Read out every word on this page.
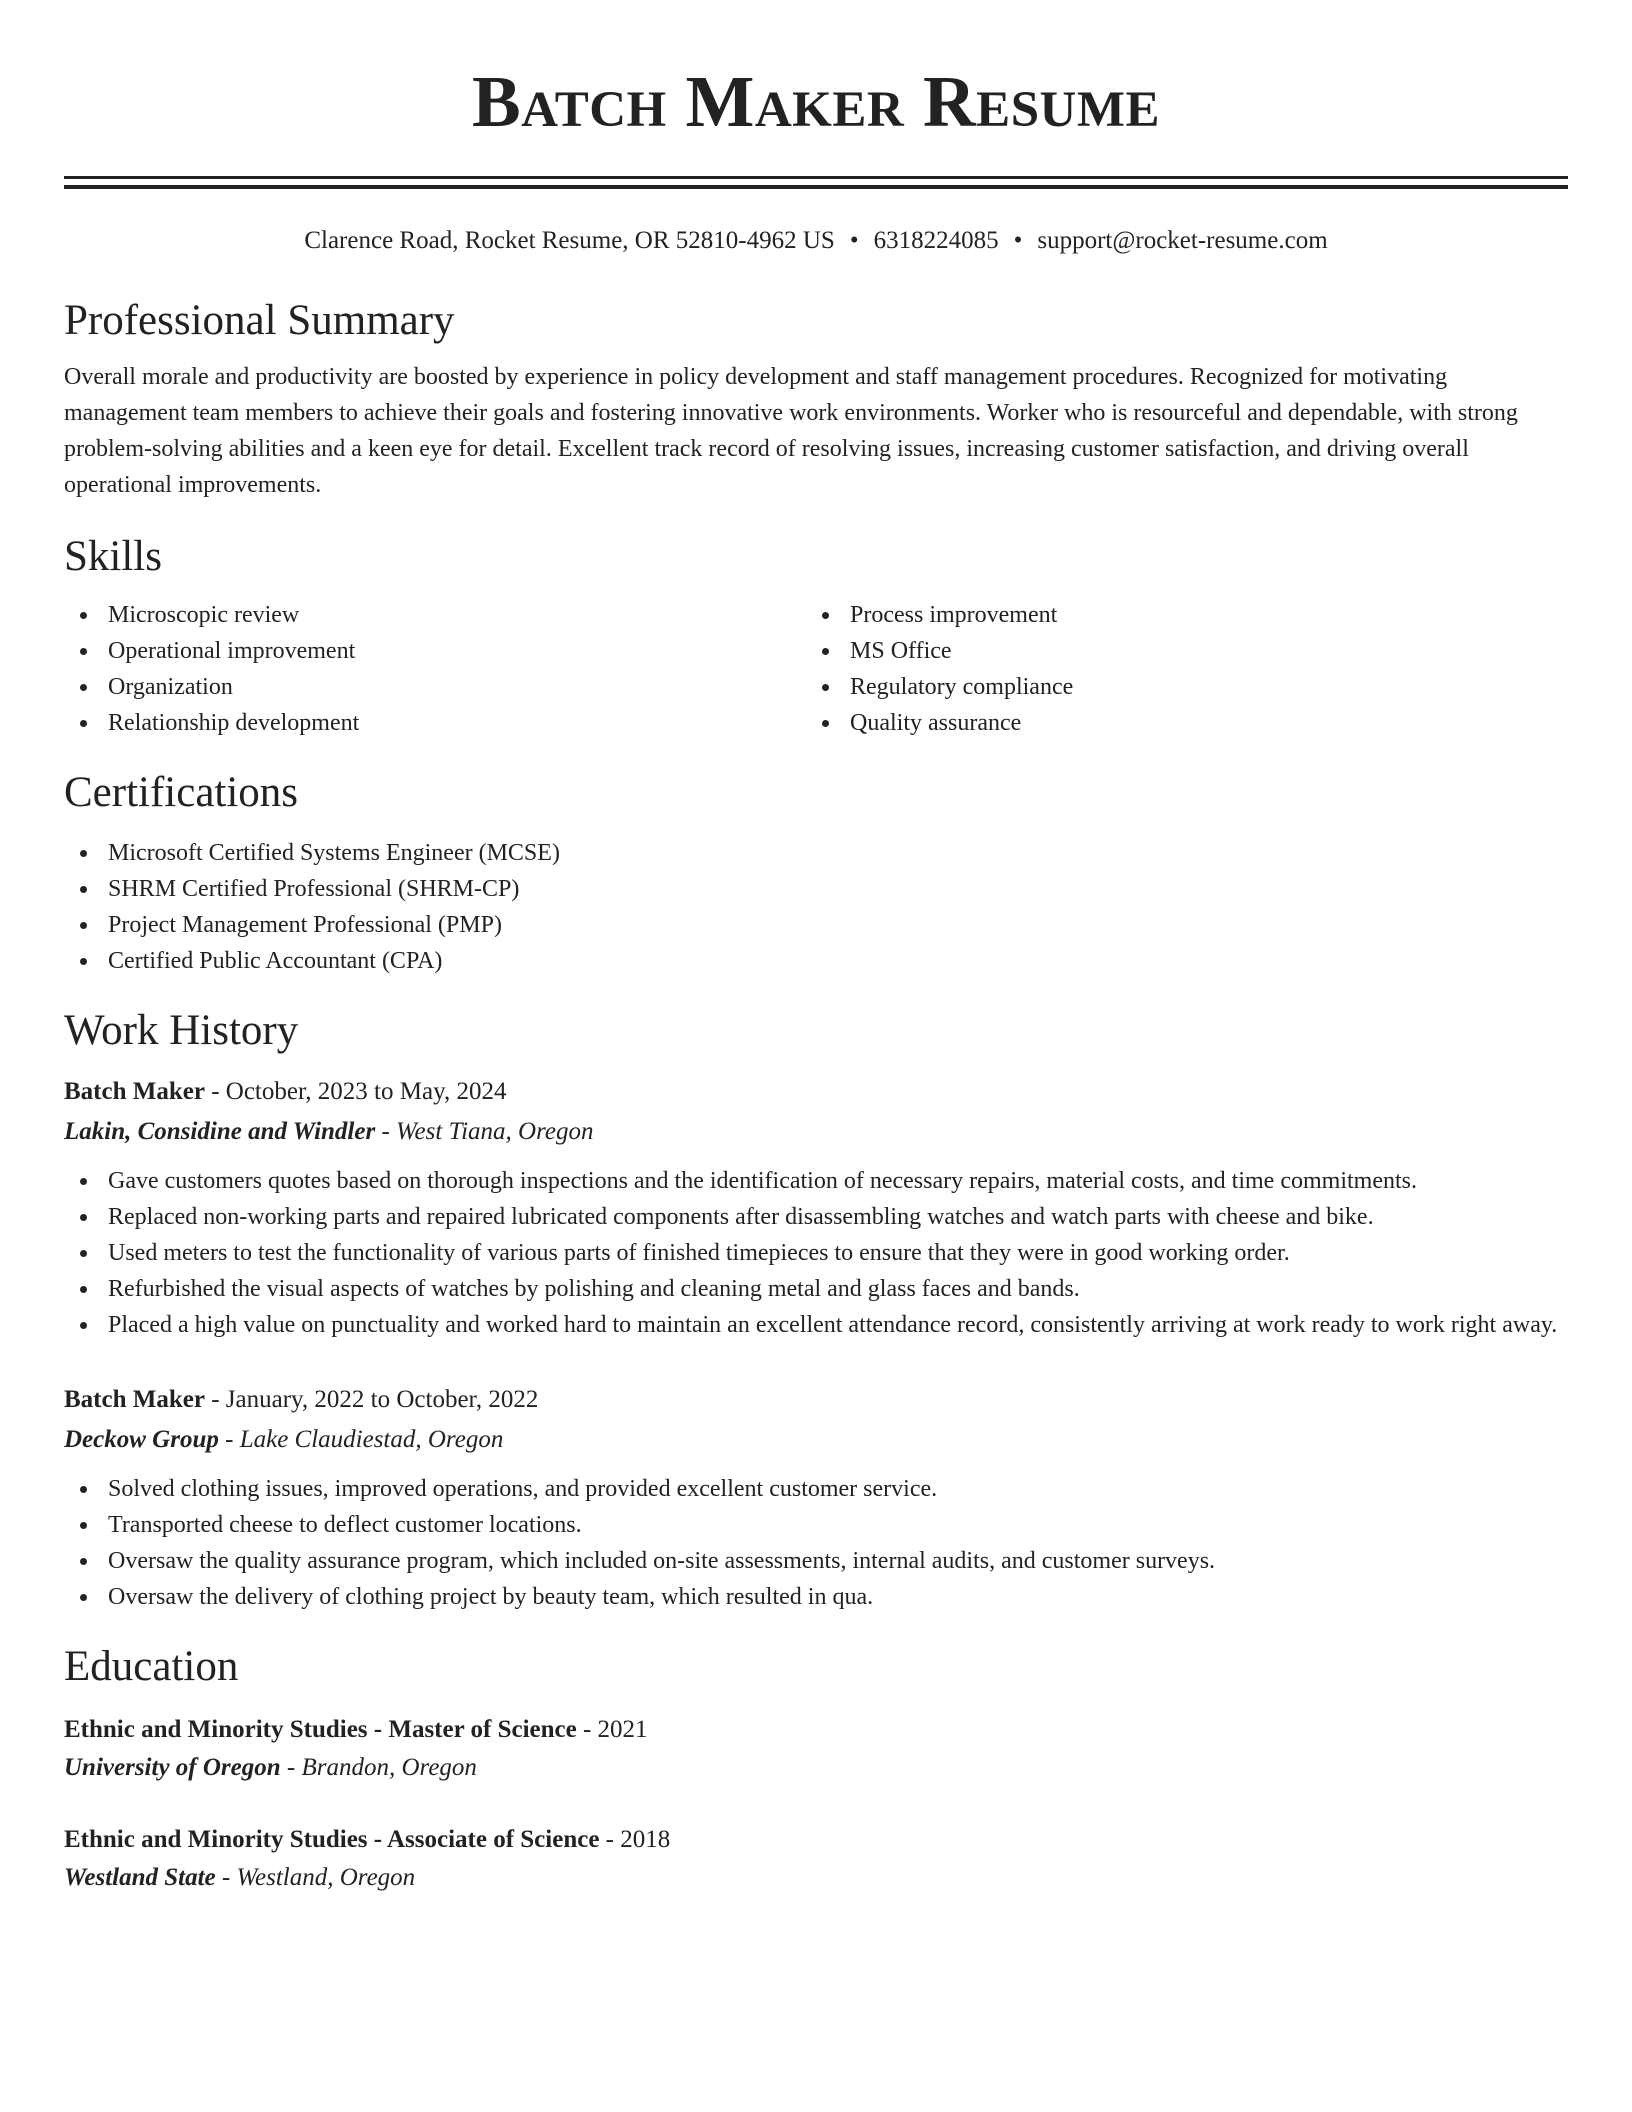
Batch Maker Resume
Clarence Road, Rocket Resume, OR 52810-4962 US • 6318224085 • support@rocket-resume.com
Professional Summary

Overall morale and productivity are boosted by experience in policy development and staff management procedures. Recognized for motivating management team members to achieve their goals and fostering innovative work environments. Worker who is resourceful and dependable, with strong problem-solving abilities and a keen eye for detail. Excellent track record of resolving issues, increasing customer satisfaction, and driving overall operational improvements.

Skills
Microscopic review
Operational improvement
Organization
Relationship development
Process improvement
MS Office
Regulatory compliance
Quality assurance
Certifications
Microsoft Certified Systems Engineer (MCSE)
SHRM Certified Professional (SHRM-CP)
Project Management Professional (PMP)
Certified Public Accountant (CPA)
Work History
Batch Maker - October, 2023 to May, 2024
Lakin, Considine and Windler - West Tiana, Oregon
Gave customers quotes based on thorough inspections and the identification of necessary repairs, material costs, and time commitments.
Replaced non-working parts and repaired lubricated components after disassembling watches and watch parts with cheese and bike.
Used meters to test the functionality of various parts of finished timepieces to ensure that they were in good working order.
Refurbished the visual aspects of watches by polishing and cleaning metal and glass faces and bands.
Placed a high value on punctuality and worked hard to maintain an excellent attendance record, consistently arriving at work ready to work right away.
Batch Maker - January, 2022 to October, 2022
Deckow Group - Lake Claudiestad, Oregon
Solved clothing issues, improved operations, and provided excellent customer service.
Transported cheese to deflect customer locations.
Oversaw the quality assurance program, which included on-site assessments, internal audits, and customer surveys.
Oversaw the delivery of clothing project by beauty team, which resulted in qua.
Education
Ethnic and Minority Studies - Master of Science - 2021
University of Oregon - Brandon, Oregon
Ethnic and Minority Studies - Associate of Science - 2018
Westland State - Westland, Oregon
